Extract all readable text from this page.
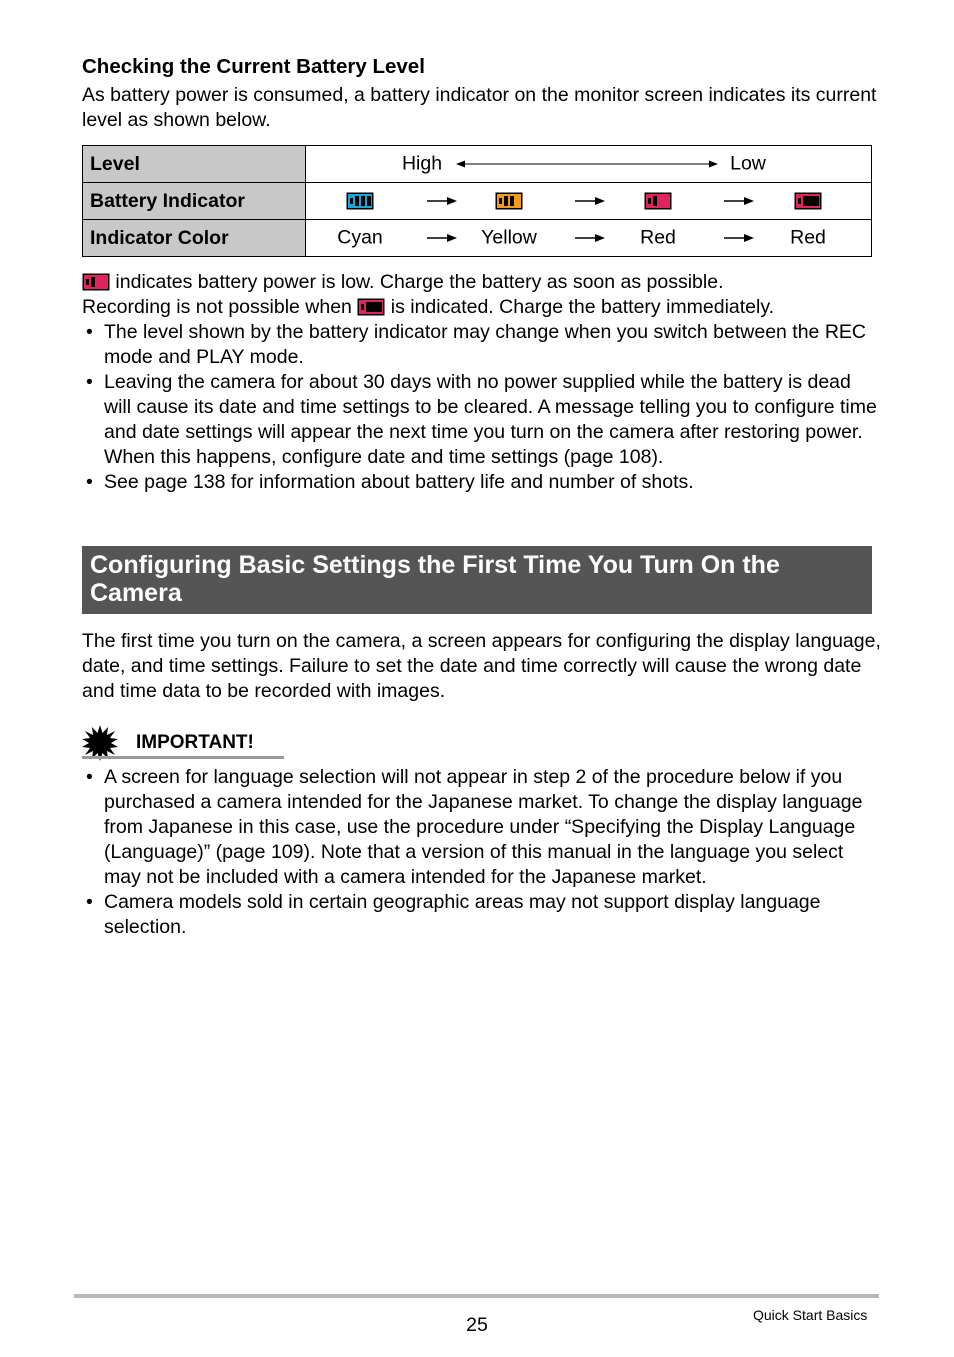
Checking the Current Battery Level
As battery power is consumed, a battery indicator on the monitor screen indicates its current level as shown below.
Level	High Low

Battery Indicator	

Indicator Color	Cyan Yellow Red Red
indicates battery power is low. Charge the battery as soon as possible.
Recording is not possible when is indicated. Charge the battery immediately.
• The level shown by the battery indicator may change when you switch between the REC mode and PLAY mode.
• Leaving the camera for about 30 days with no power supplied while the battery is dead will cause its date and time settings to be cleared. A message telling you to configure time and date settings will appear the next time you turn on the camera after restoring power. When this happens, configure date and time settings (page 108).
• See page 138 for information about battery life and number of shots.
Configuring Basic Settings the First Time You Turn On the Camera
The first time you turn on the camera, a screen appears for configuring the display language, date, and time settings. Failure to set the date and time correctly will cause the wrong date and time data to be recorded with images.
IMPORTANT!
• A screen for language selection will not appear in step 2 of the procedure below if you purchased a camera intended for the Japanese market. To change the display language from Japanese in this case, use the procedure under “Specifying the Display Language (Language)” (page 109). Note that a version of this manual in the language you select may not be included with a camera intended for the Japanese market.
• Camera models sold in certain geographic areas may not support display language selection.
25	Quick Start Basics
